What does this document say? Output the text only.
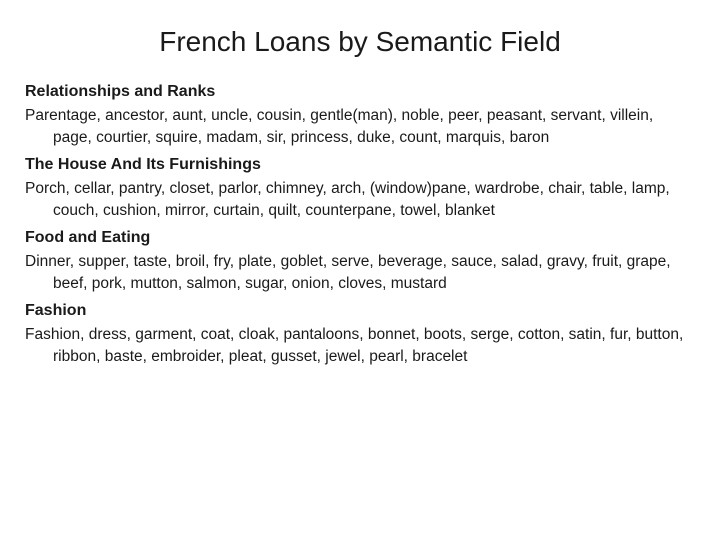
French Loans by Semantic Field
Relationships and Ranks
Parentage, ancestor, aunt, uncle, cousin, gentle(man), noble, peer, peasant, servant, villein, page, courtier, squire, madam, sir, princess, duke, count, marquis, baron
The House And Its Furnishings
Porch, cellar, pantry, closet, parlor, chimney, arch, (window)pane, wardrobe, chair, table, lamp, couch, cushion, mirror, curtain, quilt, counterpane, towel, blanket
Food and Eating
Dinner, supper, taste, broil, fry, plate, goblet, serve, beverage, sauce, salad, gravy, fruit, grape, beef, pork, mutton, salmon, sugar, onion, cloves, mustard
Fashion
Fashion, dress, garment, coat, cloak, pantaloons, bonnet, boots, serge, cotton, satin, fur, button, ribbon, baste, embroider, pleat, gusset, jewel, pearl, bracelet
